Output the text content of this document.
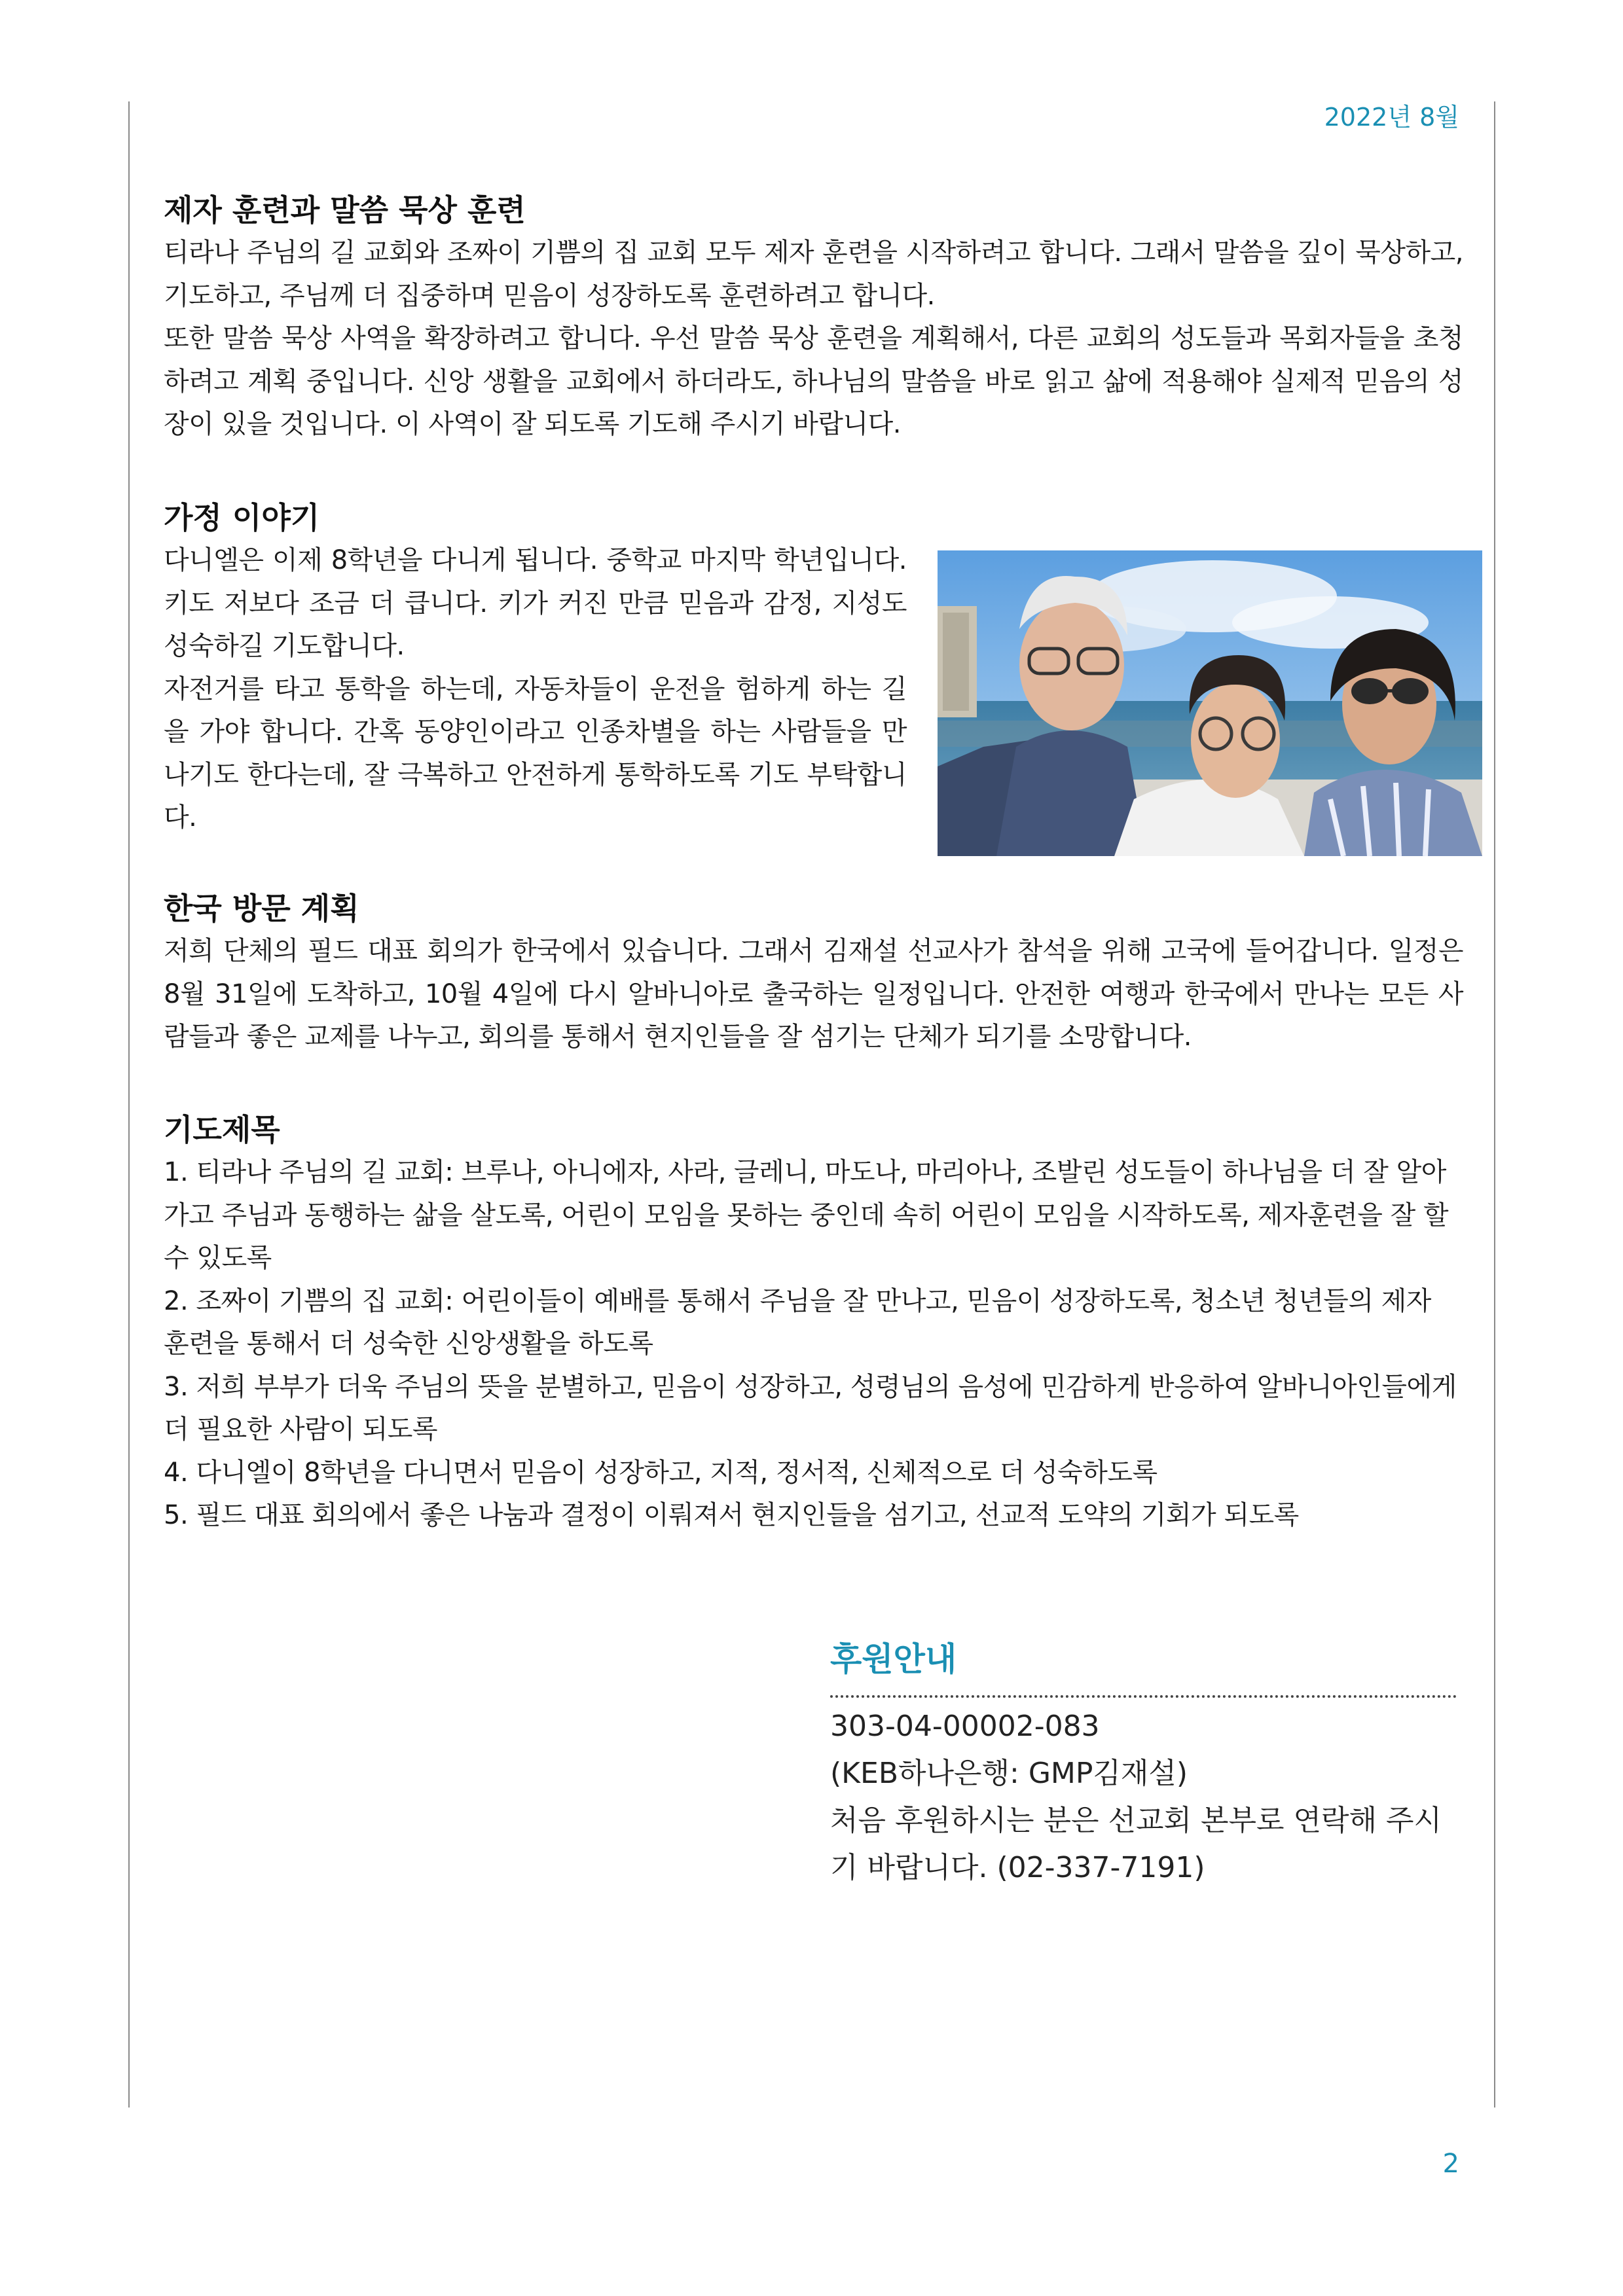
2022년 8월
제자 훈련과 말씀 묵상 훈련

티라나 주님의 길 교회와 조짜이 기쁨의 집 교회 모두 제자 훈련을 시작하려고 합니다. 그래서 말씀을 깊이 묵상하고, 기도하고, 주님께 더 집중하며 믿음이 성장하도록 훈련하려고 합니다.

또한 말씀 묵상 사역을 확장하려고 합니다. 우선 말씀 묵상 훈련을 계획해서, 다른 교회의 성도들과 목회자들을 초청하려고 계획 중입니다. 신앙 생활을 교회에서 하더라도, 하나님의 말씀을 바로 읽고 삶에 적용해야 실제적 믿음의 성장이 있을 것입니다. 이 사역이 잘 되도록 기도해 주시기 바랍니다.

가정 이야기

다니엘은 이제 8학년을 다니게 됩니다. 중학교 마지막 학년입니다. 키도 저보다 조금 더 큽니다. 키가 커진 만큼 믿음과 감정, 지성도 성숙하길 기도합니다.

자전거를 타고 통학을 하는데, 자동차들이 운전을 험하게 하는 길을 가야 합니다. 간혹 동양인이라고 인종차별을 하는 사람들을 만나기도 한다는데, 잘 극복하고 안전하게 통학하도록 기도 부탁합니다.

한국 방문 계획

저희 단체의 필드 대표 회의가 한국에서 있습니다. 그래서 김재설 선교사가 참석을 위해 고국에 들어갑니다. 일정은 8월 31일에 도착하고, 10월 4일에 다시 알바니아로 출국하는 일정입니다. 안전한 여행과 한국에서 만나는 모든 사람들과 좋은 교제를 나누고, 회의를 통해서 현지인들을 잘 섬기는 단체가 되기를 소망합니다.

기도제목

1. 티라나 주님의 길 교회: 브루나, 아니에자, 사라, 글레니, 마도나, 마리아나, 조발린 성도들이 하나님을 더 잘 알아가고 주님과 동행하는 삶을 살도록, 어린이 모임을 못하는 중인데 속히 어린이 모임을 시작하도록, 제자훈련을 잘 할 수 있도록

2. 조짜이 기쁨의 집 교회: 어린이들이 예배를 통해서 주님을 잘 만나고, 믿음이 성장하도록, 청소년 청년들의 제자 훈련을 통해서 더 성숙한 신앙생활을 하도록

3. 저희 부부가 더욱 주님의 뜻을 분별하고, 믿음이 성장하고, 성령님의 음성에 민감하게 반응하여 알바니아인들에게 더 필요한 사람이 되도록

4. 다니엘이 8학년을 다니면서 믿음이 성장하고, 지적, 정서적, 신체적으로 더 성숙하도록

5. 필드 대표 회의에서 좋은 나눔과 결정이 이뤄져서 현지인들을 섬기고, 선교적 도약의 기회가 되도록

후원안내

303-04-00002-083

(KEB하나은행: GMP김재설)

처음 후원하시는 분은 선교회 본부로 연락해 주시기 바랍니다. (02-337-7191)

2
